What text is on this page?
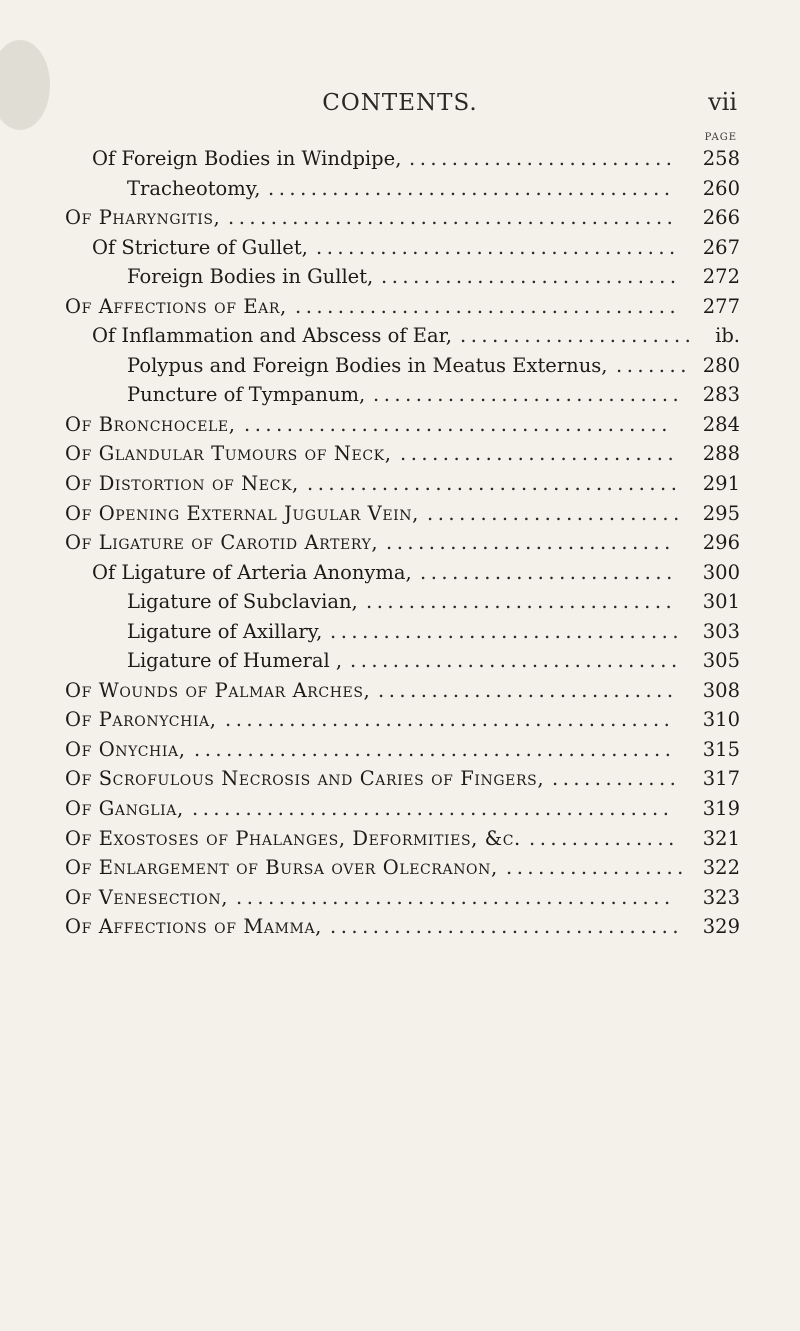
CONTENTS.	vii
PAGE
Of Foreign Bodies in Windpipe, .........................	258
Tracheotomy, ......................................	260
Of Pharyngitis, ..........................................	266
Of Stricture of Gullet, ..................................	267
Foreign Bodies in Gullet, ............................	272
Of Affections of Ear, ....................................	277
Of Inflammation and Abscess of Ear, ......................	ib.
Polypus and Foreign Bodies in Meatus Externus, ....... 280
Puncture of Tympanum, .............................	283
Of Bronchocele, ........................................	284
Of Glandular Tumours of Neck, ..........................	288
Of Distortion of Neck, ...................................	291
Of Opening External Jugular Vein, ........................ 295
Of Ligature of Carotid Artery, ...........................	296
Of Ligature of Arteria Anonyma, ........................	300
Ligature of Subclavian, .............................	301
Ligature of Axillary, .................................	303
Ligature of Humeral , ...............................	305
Of Wounds of Palmar Arches, ............................	308
Of Paronychia, ..........................................	310
Of Onychia, .............................................	315
Of Scrofulous Necrosis and Caries of Fingers, ............	317
Of Ganglia, .............................................	319
Of Exostoses of Phalanges, Deformities, &c. ..............	321
Of Enlargement of Bursa over Olecranon, ................. 322
Of Venesection, .........................................	323
Of Affections of Mamma, .................................	329
